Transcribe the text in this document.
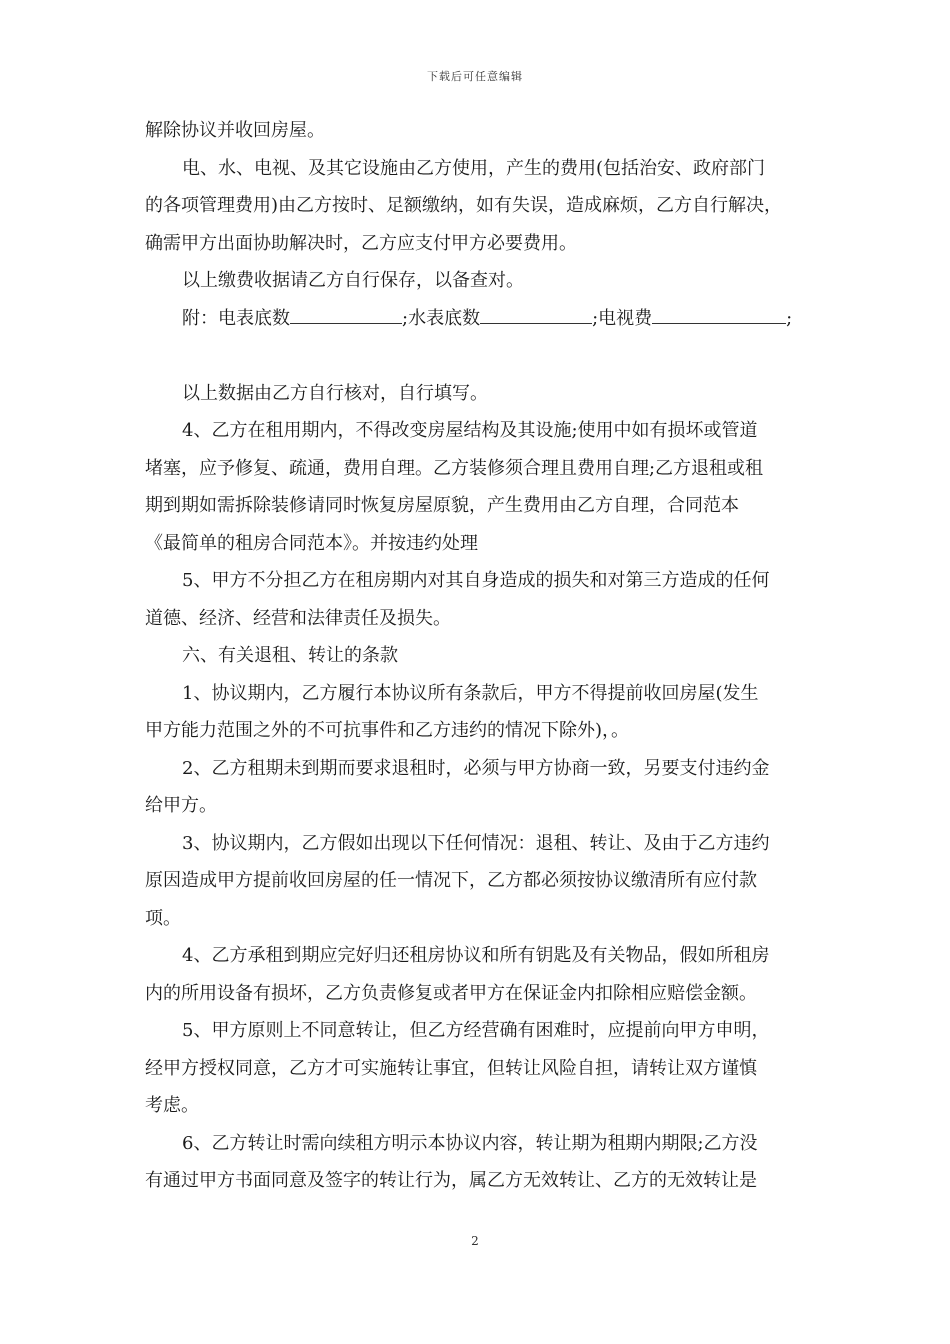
下载后可任意编辑
解除协议并收回房屋。
电、水、电视、及其它设施由乙方使用，产生的费用(包括治安、政府部门
的各项管理费用)由乙方按时、足额缴纳，如有失误，造成麻烦，乙方自行解决，
确需甲方出面协助解决时，乙方应支付甲方必要费用。
以上缴费收据请乙方自行保存，以备查对。
附：电表底数	;水表底数	;电视费	;
以上数据由乙方自行核对，自行填写。
4、乙方在租用期内，不得改变房屋结构及其设施;使用中如有损坏或管道
堵塞，应予修复、疏通，费用自理。乙方装修须合理且费用自理;乙方退租或租
期到期如需拆除装修请同时恢复房屋原貌，产生费用由乙方自理，合同范本
《最简单的租房合同范本》。并按违约处理
5、甲方不分担乙方在租房期内对其自身造成的损失和对第三方造成的任何
道德、经济、经营和法律责任及损失。
六、有关退租、转让的条款
1、协议期内，乙方履行本协议所有条款后，甲方不得提前收回房屋(发生
甲方能力范围之外的不可抗事件和乙方违约的情况下除外)，。
2、乙方租期未到期而要求退租时，必须与甲方协商一致，另要支付违约金
给甲方。
3、协议期内，乙方假如出现以下任何情况：退租、转让、及由于乙方违约
原因造成甲方提前收回房屋的任一情况下，乙方都必须按协议缴清所有应付款
项。
4、乙方承租到期应完好归还租房协议和所有钥匙及有关物品，假如所租房
内的所用设备有损坏，乙方负责修复或者甲方在保证金内扣除相应赔偿金额。
5、甲方原则上不同意转让，但乙方经营确有困难时，应提前向甲方申明，
经甲方授权同意，乙方才可实施转让事宜，但转让风险自担，请转让双方谨慎
考虑。
6、乙方转让时需向续租方明示本协议内容，转让期为租期内期限;乙方没
有通过甲方书面同意及签字的转让行为，属乙方无效转让、乙方的无效转让是
2
